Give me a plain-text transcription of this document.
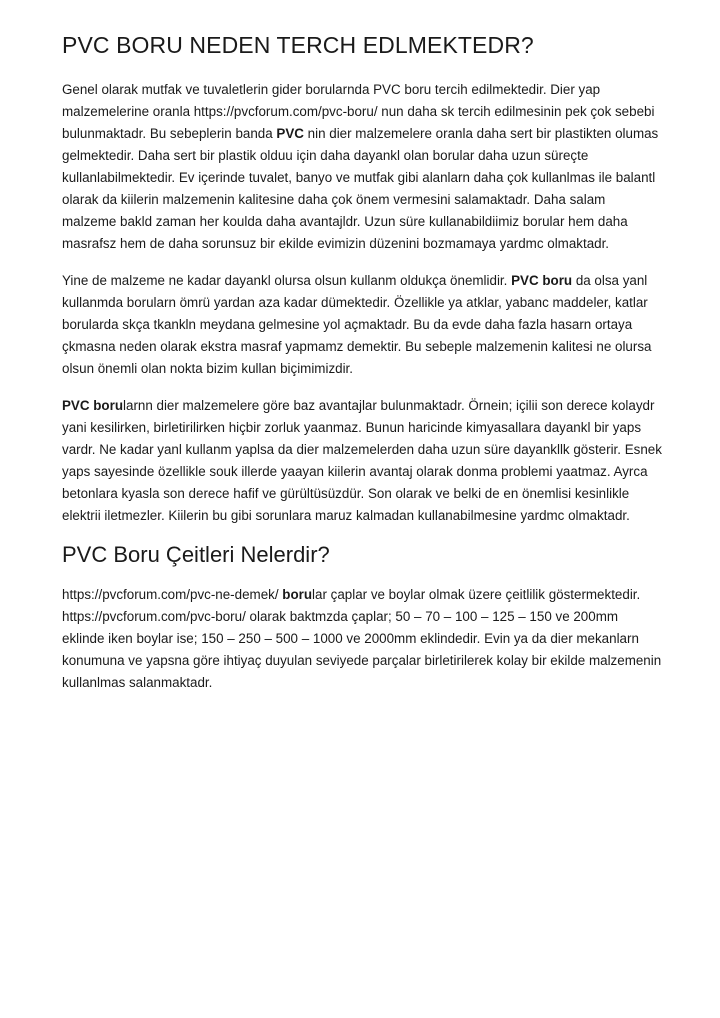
PVC BORU NEDEN TERCH EDLMEKTEDR?

Genel olarak mutfak ve tuvaletlerin gider borularnda PVC boru tercih edilmektedir. Dier yap malzemelerine oranla https://pvcforum.com/pvc-boru/ nun daha sk tercih edilmesinin pek çok sebebi bulunmaktadr. Bu sebeplerin banda PVC nin dier malzemelere oranla daha sert bir plastikten olumas gelmektedir. Daha sert bir plastik olduu için daha dayankl olan borular daha uzun süreçte kullanlabilmektedir. Ev içerinde tuvalet, banyo ve mutfak gibi alanlarn daha çok kullanlmas ile balantl olarak da kiilerin malzemenin kalitesine daha çok önem vermesini salamaktadr. Daha salam malzeme bakld zaman her koulda daha avantajldr. Uzun süre kullanabildiimiz borular hem daha masrafsz hem de daha sorunsuz bir ekilde evimizin düzenini bozmamaya yardmc olmaktadr.

Yine de malzeme ne kadar dayankl olursa olsun kullanm oldukça önemlidir. PVC boru da olsa yanl kullanmda borularn ömrü yardan aza kadar dümektedir. Özellikle ya atklar, yabanc maddeler, katlar borularda skça tkankln meydana gelmesine yol açmaktadr. Bu da evde daha fazla hasarn ortaya çkmasna neden olarak ekstra masraf yapmamz demektir. Bu sebeple malzemenin kalitesi ne olursa olsun önemli olan nokta bizim kullan biçimimizdir.

PVC borularnn dier malzemelere göre baz avantajlar bulunmaktadr. Örnein; içilii son derece kolaydr yani kesilirken, birletirilirken hiçbir zorluk yaanmaz. Bunun haricinde kimyasallara dayankl bir yaps vardr. Ne kadar yanl kullanm yaplsa da dier malzemelerden daha uzun süre dayankllk gösterir. Esnek yaps sayesinde özellikle souk illerde yaayan kiilerin avantaj olarak donma problemi yaatmaz. Ayrca betonlara kyasla son derece hafif ve gürültüsüzdür. Son olarak ve belki de en önemlisi kesinlikle elektrii iletmezler. Kiilerin bu gibi sorunlara maruz kalmadan kullanabilmesine yardmc olmaktadr.

PVC Boru Çeitleri Nelerdir?

https://pvcforum.com/pvc-ne-demek/ borular çaplar ve boylar olmak üzere çeitlilik göstermektedir. https://pvcforum.com/pvc-boru/ olarak baktmzda çaplar; 50 – 70 – 100 – 125 – 150 ve 200mm eklinde iken boylar ise; 150 – 250 – 500 – 1000 ve 2000mm eklindedir. Evin ya da dier mekanlarn konumuna ve yapsna göre ihtiyaç duyulan seviyede parçalar birletirilerek kolay bir ekilde malzemenin kullanlmas salanmaktadr.
